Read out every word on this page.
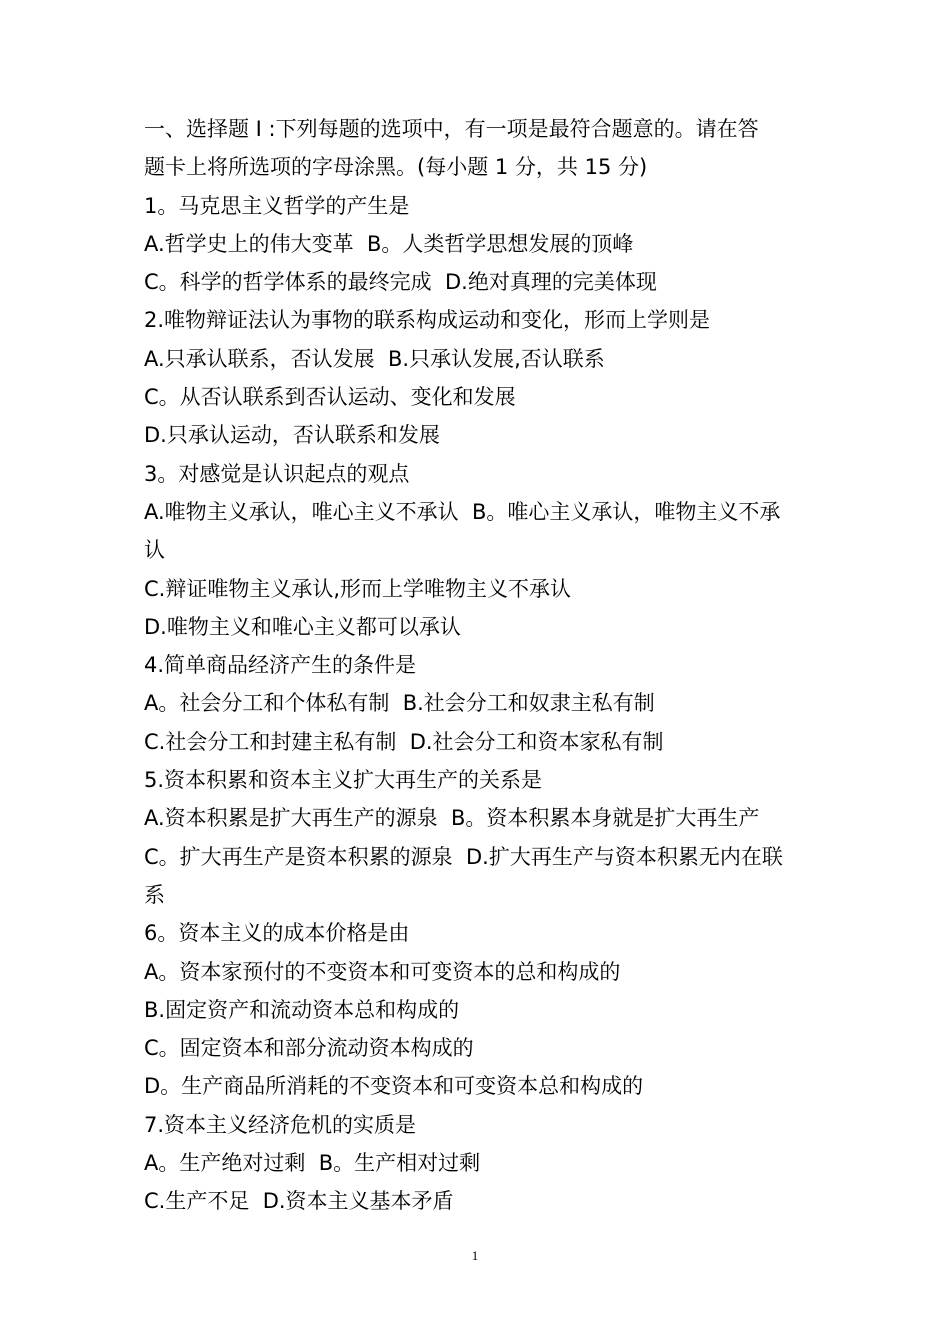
一、选择题 I :下列每题的选项中，有一项是最符合题意的。请在答
题卡上将所选项的字母涂黑。(每小题 1 分，共 15 分)
1。马克思主义哲学的产生是
A.哲学史上的伟大变革  B。人类哲学思想发展的顶峰
C。科学的哲学体系的最终完成  D.绝对真理的完美体现
2.唯物辩证法认为事物的联系构成运动和变化，形而上学则是
A.只承认联系，否认发展  B.只承认发展,否认联系
C。从否认联系到否认运动、变化和发展
D.只承认运动，否认联系和发展
3。对感觉是认识起点的观点
A.唯物主义承认，唯心主义不承认  B。唯心主义承认，唯物主义不承
认
C.辩证唯物主义承认,形而上学唯物主义不承认
D.唯物主义和唯心主义都可以承认
4.简单商品经济产生的条件是
A。社会分工和个体私有制  B.社会分工和奴隶主私有制
C.社会分工和封建主私有制  D.社会分工和资本家私有制
5.资本积累和资本主义扩大再生产的关系是
A.资本积累是扩大再生产的源泉  B。资本积累本身就是扩大再生产
C。扩大再生产是资本积累的源泉  D.扩大再生产与资本积累无内在联
系
6。资本主义的成本价格是由
A。资本家预付的不变资本和可变资本的总和构成的
B.固定资产和流动资本总和构成的
C。固定资本和部分流动资本构成的
D。生产商品所消耗的不变资本和可变资本总和构成的
7.资本主义经济危机的实质是
A。生产绝对过剩  B。生产相对过剩
C.生产不足  D.资本主义基本矛盾
1
